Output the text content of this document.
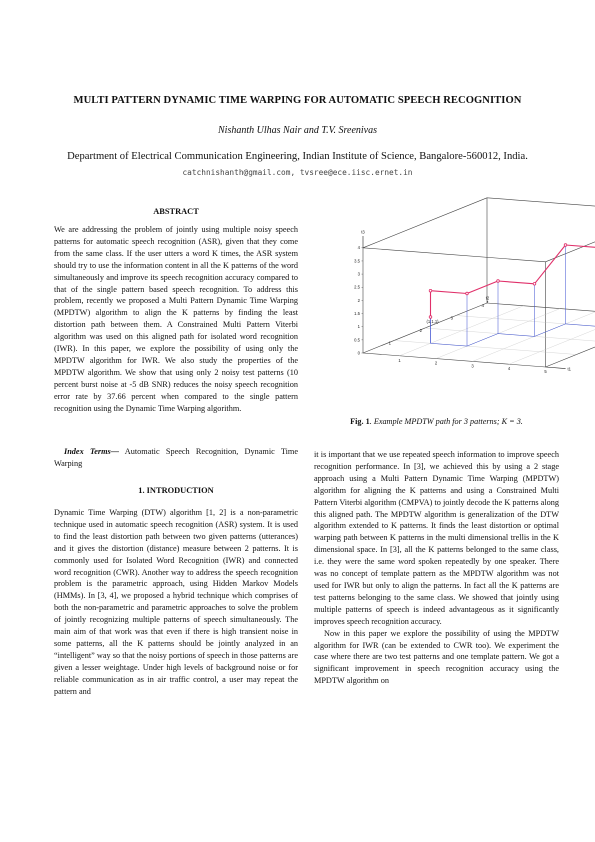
MULTI PATTERN DYNAMIC TIME WARPING FOR AUTOMATIC SPEECH RECOGNITION
Nishanth Ulhas Nair and T.V. Sreenivas
Department of Electrical Communication Engineering, Indian Institute of Science, Bangalore-560012, India.
catchnishanth@gmail.com, tvsree@ece.iisc.ernet.in
ABSTRACT

We are addressing the problem of jointly using multiple noisy speech patterns for automatic speech recognition (ASR), given that they come from the same class. If the user utters a word K times, the ASR system should try to use the information content in all the K patterns of the word simultaneously and improve its speech recognition accuracy compared to that of the single pattern based speech recognition. To address this problem, recently we proposed a Multi Pattern Dynamic Time Warping (MPDTW) algorithm to align the K patterns by finding the least distortion path between them. A Constrained Multi Pattern Viterbi algorithm was used on this aligned path for isolated word recognition (IWR). In this paper, we explore the possibility of using only the MPDTW algorithm for IWR. We also study the properties of the MPDTW algorithm. We show that using only 2 noisy test patterns (10 percent burst noise at -5 dB SNR) reduces the noisy speech recognition error rate by 37.66 percent when compared to the single pattern recognition using the Dynamic Time Warping algorithm.

Index Terms— Automatic Speech Recognition, Dynamic Time Warping

1. INTRODUCTION

Dynamic Time Warping (DTW) algorithm [1, 2] is a non-parametric technique used in automatic speech recognition (ASR) system. It is used to find the least distortion path between two given patterns (utterances) and it gives the distortion (distance) measure between 2 patterns. It is commonly used for Isolated Word Recognition (IWR) and connected word recognition (CWR). Another way to address the speech recognition problem is the parametric approach, using Hidden Markov Models (HMMs). In [3, 4], we proposed a hybrid technique which comprises of both the non-parametric and parametric approaches to solve the problem of jointly recognizing multiple patterns of speech simultaneously. The main aim of that work was that even if there is high transient noise in some patterns, all the K patterns should be jointly analyzed in an “intelligent” way so that the noisy portions of speech in those patterns are given a lesser weightage. Under high levels of background noise or for reliable communication as in air traffic control, a user may repeat the pattern and

t1
t3
t2
4
3.5
3
2.5
2
1.5
1
0.5
0
1
2
3
4
5
1
2
3
4
(1,1,1)
Fig. 1. Example MPDTW path for 3 patterns; K = 3.

it is important that we use repeated speech information to improve speech recognition performance. In [3], we achieved this by using a 2 stage approach using a Multi Pattern Dynamic Time Warping (MPDTW) algorithm for aligning the K patterns and using a Constrained Multi Pattern Viterbi algorithm (CMPVA) to jointly decode the K patterns along this aligned path. The MPDTW algorithm is generalization of the DTW algorithm extended to K patterns. It finds the least distortion or optimal warping path between K patterns in the multi dimensional trellis in the K dimensional space. In [3], all the K patterns belonged to the same class, i.e. they were the same word spoken repeatedly by one speaker. There was no concept of template pattern as the MPDTW algorithm was not used for IWR but only to align the patterns. In fact all the K patterns are test patterns belonging to the same class. We showed that jointly using multiple patterns of speech is indeed advantageous as it significantly improves speech recognition accuracy.

Now in this paper we explore the possibility of using the MPDTW algorithm for IWR (can be extended to CWR too). We experiment the case where there are two test patterns and one template pattern. We got a significant improvement in speech recognition accuracy using the MPDTW algorithm on
